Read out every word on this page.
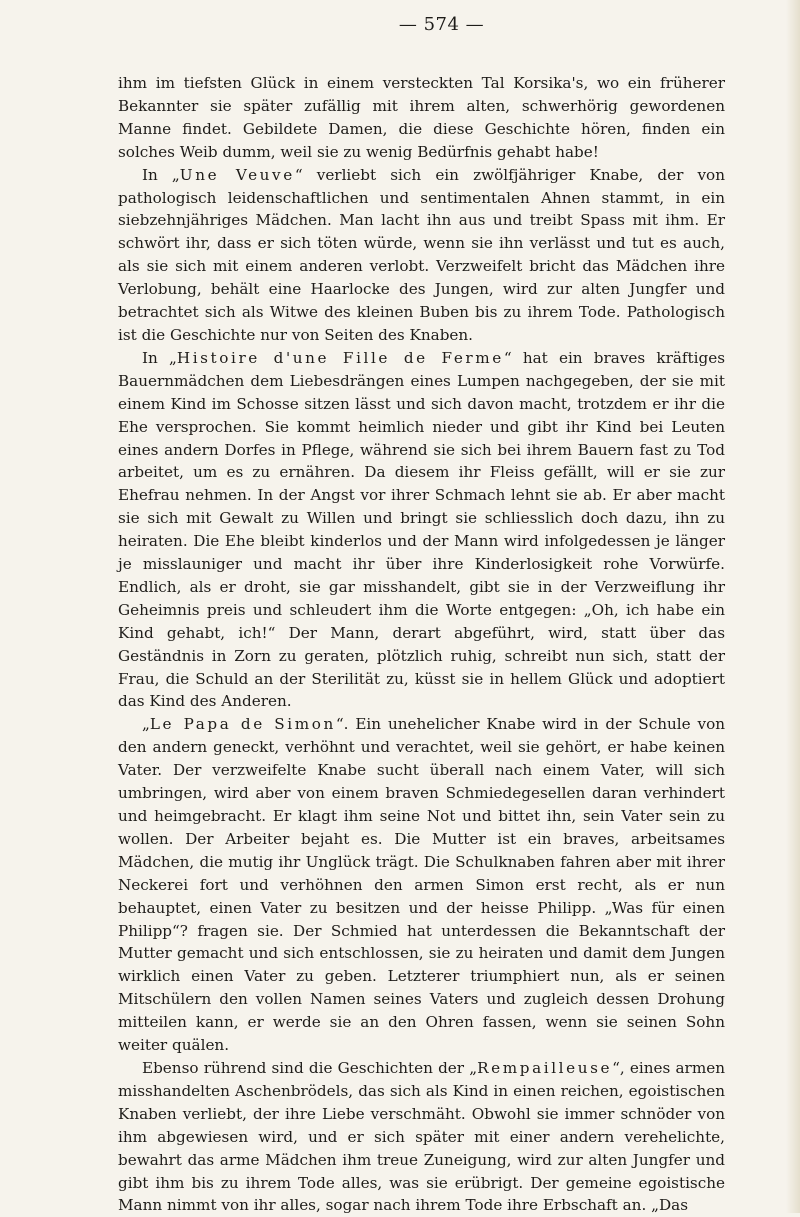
— 574 —

ihm im tiefsten Glück in einem versteckten Tal Korsika's, wo ein früherer Bekannter sie später zufällig mit ihrem alten, schwerhörig gewordenen Manne findet. Gebildete Damen, die diese Geschichte hören, finden ein solches Weib dumm, weil sie zu wenig Bedürfnis gehabt habe!

In „Une Veuve“ verliebt sich ein zwölfjähriger Knabe, der von pathologisch leidenschaftlichen und sentimentalen Ahnen stammt, in ein siebzehnjähriges Mädchen. Man lacht ihn aus und treibt Spass mit ihm. Er schwört ihr, dass er sich töten würde, wenn sie ihn verlässt und tut es auch, als sie sich mit einem anderen verlobt. Verzweifelt bricht das Mädchen ihre Verlobung, behält eine Haarlocke des Jungen, wird zur alten Jungfer und betrachtet sich als Witwe des kleinen Buben bis zu ihrem Tode. Pathologisch ist die Geschichte nur von Seiten des Knaben.

In „Histoire d'une Fille de Ferme“ hat ein braves kräftiges Bauernmädchen dem Liebesdrängen eines Lumpen nachgegeben, der sie mit einem Kind im Schosse sitzen lässt und sich davon macht, trotzdem er ihr die Ehe versprochen. Sie kommt heimlich nieder und gibt ihr Kind bei Leuten eines andern Dorfes in Pflege, während sie sich bei ihrem Bauern fast zu Tod arbeitet, um es zu ernähren. Da diesem ihr Fleiss gefällt, will er sie zur Ehefrau nehmen. In der Angst vor ihrer Schmach lehnt sie ab. Er aber macht sie sich mit Gewalt zu Willen und bringt sie schliesslich doch dazu, ihn zu heiraten. Die Ehe bleibt kinderlos und der Mann wird infolgedessen je länger je misslauniger und macht ihr über ihre Kinderlosigkeit rohe Vorwürfe. Endlich, als er droht, sie gar misshandelt, gibt sie in der Verzweiflung ihr Geheimnis preis und schleudert ihm die Worte entgegen: „Oh, ich habe ein Kind gehabt, ich!“ Der Mann, derart abgeführt, wird, statt über das Geständnis in Zorn zu geraten, plötzlich ruhig, schreibt nun sich, statt der Frau, die Schuld an der Sterilität zu, küsst sie in hellem Glück und adoptiert das Kind des Anderen.

„Le Papa de Simon“. Ein unehelicher Knabe wird in der Schule von den andern geneckt, verhöhnt und verachtet, weil sie gehört, er habe keinen Vater. Der verzweifelte Knabe sucht überall nach einem Vater, will sich umbringen, wird aber von einem braven Schmiedegesellen daran verhindert und heimgebracht. Er klagt ihm seine Not und bittet ihn, sein Vater sein zu wollen. Der Arbeiter bejaht es. Die Mutter ist ein braves, arbeitsames Mädchen, die mutig ihr Unglück trägt. Die Schulknaben fahren aber mit ihrer Neckerei fort und verhöhnen den armen Simon erst recht, als er nun behauptet, einen Vater zu besitzen und der heisse Philipp. „Was für einen Philipp“? fragen sie. Der Schmied hat unterdessen die Bekanntschaft der Mutter gemacht und sich entschlossen, sie zu heiraten und damit dem Jungen wirklich einen Vater zu geben. Letzterer triumphiert nun, als er seinen Mitschülern den vollen Namen seines Vaters und zugleich dessen Drohung mitteilen kann, er werde sie an den Ohren fassen, wenn sie seinen Sohn weiter quälen.

Ebenso rührend sind die Geschichten der „Rempailleuse“, eines armen misshandelten Aschenbrödels, das sich als Kind in einen reichen, egoistischen Knaben verliebt, der ihre Liebe verschmäht. Obwohl sie immer schnöder von ihm abgewiesen wird, und er sich später mit einer andern verehelichte, bewahrt das arme Mädchen ihm treue Zuneigung, wird zur alten Jungfer und gibt ihm bis zu ihrem Tode alles, was sie erübrigt. Der gemeine egoistische Mann nimmt von ihr alles, sogar nach ihrem Tode ihre Erbschaft an. „Das
